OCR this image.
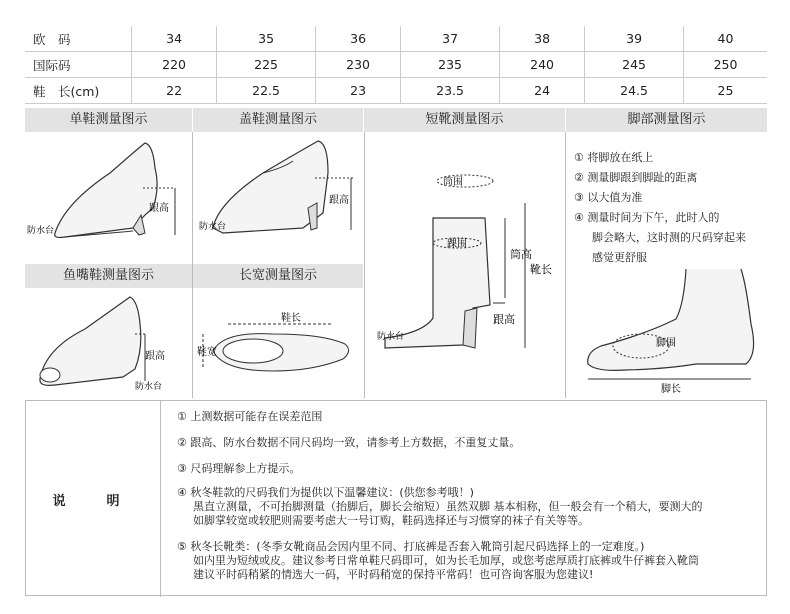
欧　码	34	35	36	37	38	39	40
国际码	220	225	230	235	240	245	250
鞋　长(cm)	22	22.5	23	23.5	24	24.5	25
单鞋测量图示	盖鞋测量图示	短靴测量图示	脚部测量图示
鱼嘴鞋测量图示	长宽测量图示
跟高
防水台
跟高
防水台
跟高
防水台
鞋长
鞋宽
筒围
踝围
筒高
靴长
跟高
防水台
① 将脚放在纸上
② 测量脚跟到脚趾的距离
③ 以大值为准
④ 测量时间为下午，此时人的
脚会略大，这时测的尺码穿起来
感觉更舒服
脚围
脚长
说　明
① 上测数据可能存在误差范围
② 跟高、防水台数据不同尺码均一致，请参考上方数据，不重复丈量。
③ 尺码理解参上方提示。
④ 秋冬鞋款的尺码我们为提供以下温馨建议：(供您参考哦！)
黑直立测量，不可抬脚测量（抬脚后，脚长会缩短）虽然双脚 基本相称，但一般会有一个稍大，要测大的
如脚掌较宽或较肥则需要考虑大一号订购，鞋码选择还与习惯穿的袜子有关等等。
⑤ 秋冬长靴类：(冬季女靴商品会因内里不同、打底裤是否套入靴筒引起尺码选择上的一定难度。)
如内里为短绒或皮。建议参考日常单鞋尺码即可，如为长毛加厚，或您考虑厚质打底裤或牛仔裤套入靴筒
建议平时码稍紧的情选大一码，平时码稍宽的保持平常码！也可咨询客服为您建议!
